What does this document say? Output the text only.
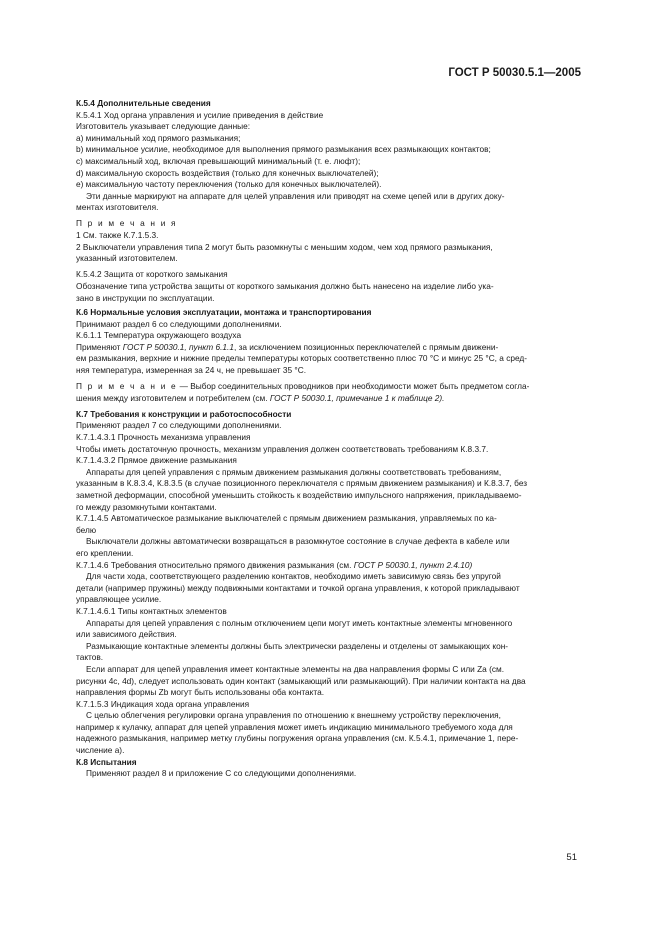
ГОСТ Р 50030.5.1—2005

К.5.4 Дополнительные сведения

К.5.4.1 Ход органа управления и усилие приведения в действие

Изготовитель указывает следующие данные:

а) минимальный ход прямого размыкания;

b) минимальное усилие, необходимое для выполнения прямого размыкания всех размыкающих контактов;

c) максимальный ход, включая превышающий минимальный (т. е. люфт);

d) максимальную скорость воздействия (только для конечных выключателей);

e) максимальную частоту переключения (только для конечных выключателей).

Эти данные маркируют на аппарате для целей управления или приводят на схеме цепей или в других доку-
ментах изготовителя.

П р и м е ч а н и я

1 См. также К.7.1.5.3.

2 Выключатели управления типа 2 могут быть разомкнуты с меньшим ходом, чем ход прямого размыкания,
указанный изготовителем.

К.5.4.2 Защита от короткого замыкания

Обозначение типа устройства защиты от короткого замыкания должно быть нанесено на изделие либо ука-
зано в инструкции по эксплуатации.

К.6 Нормальные условия эксплуатации, монтажа и транспортирования

Принимают раздел 6 со следующими дополнениями.

К.6.1.1 Температура окружающего воздуха

Применяют ГОСТ Р 50030.1, пункт 6.1.1, за исключением позиционных переключателей с прямым движени-
ем размыкания, верхние и нижние пределы температуры которых соответственно плюс 70 °С и минус 25 °С, а сред-
няя температура, измеренная за 24 ч, не превышает 35 °С.

П р и м е ч а н и е — Выбор соединительных проводников при необходимости может быть предметом согла-
шения между изготовителем и потребителем (см. ГОСТ Р 50030.1, примечание 1 к таблице 2).

К.7 Требования к конструкции и работоспособности

Применяют раздел 7 со следующими дополнениями.

К.7.1.4.3.1 Прочность механизма управления

Чтобы иметь достаточную прочность, механизм управления должен соответствовать требованиям К.8.3.7.

К.7.1.4.3.2 Прямое движение размыкания

Аппараты для цепей управления с прямым движением размыкания должны соответствовать требованиям,
указанным в К.8.3.4, К.8.3.5 (в случае позиционного переключателя с прямым движением размыкания) и К.8.3.7, без
заметной деформации, способной уменьшить стойкость к воздействию импульсного напряжения, прикладываемо-
го между разомкнутыми контактами.

К.7.1.4.5 Автоматическое размыкание выключателей с прямым движением размыкания, управляемых по ка-
белю

Выключатели должны автоматически возвращаться в разомкнутое состояние в случае дефекта в кабеле или
его креплении.

К.7.1.4.6 Требования относительно прямого движения размыкания (см. ГОСТ Р 50030.1, пункт 2.4.10)

Для части хода, соответствующего разделению контактов, необходимо иметь зависимую связь без упругой
детали (например пружины) между подвижными контактами и точкой органа управления, к которой прикладывают
управляющее усилие.

К.7.1.4.6.1 Типы контактных элементов

Аппараты для цепей управления с полным отключением цепи могут иметь контактные элементы мгновенного
или зависимого действия.

Размыкающие контактные элементы должны быть электрически разделены и отделены от замыкающих кон-
тактов.

Если аппарат для цепей управления имеет контактные элементы на два направления формы С или Za (см.
рисунки 4с, 4d), следует использовать один контакт (замыкающий или размыкающий). При наличии контакта на два
направления формы Zb могут быть использованы оба контакта.

К.7.1.5.3 Индикация хода органа управления

С целью облегчения регулировки органа управления по отношению к внешнему устройству переключения,
например к кулачку, аппарат для цепей управления может иметь индикацию минимального требуемого хода для
надежного размыкания, например метку глубины погружения органа управления (см. К.5.4.1, примечание 1, пере-
числение а).

К.8 Испытания

Применяют раздел 8 и приложение С со следующими дополнениями.

51
